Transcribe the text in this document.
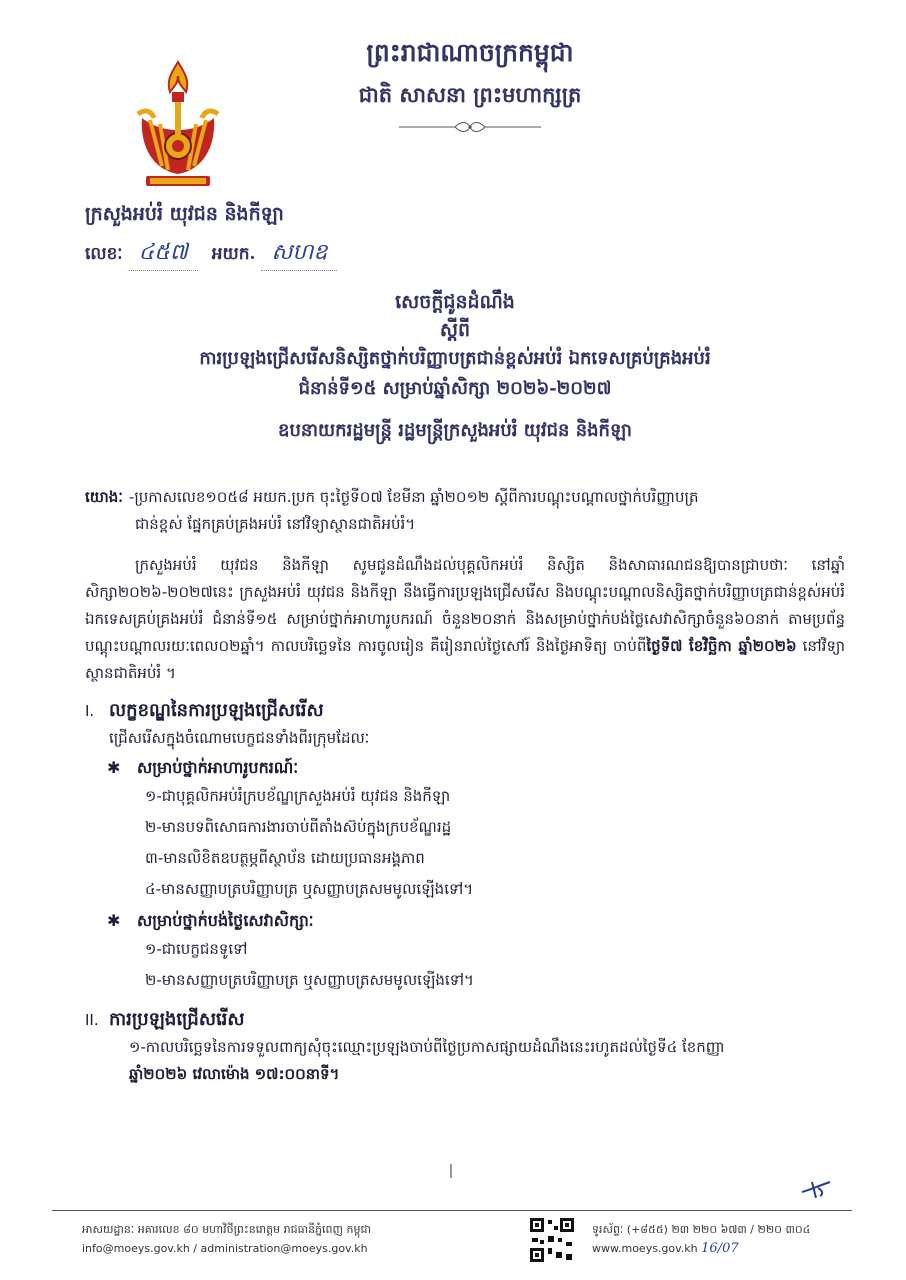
ព្រះរាជាណាចក្រកម្ពុជា
ជាតិ សាសនា ព្រះមហាក្សត្រ
ក្រសួងអប់រំ យុវជន និងកីឡា
លេខៈ ៤៥៧	អយក. សហឧ
សេចក្ដីជូនដំណឹង
ស្ដីពី
ការប្រឡងជ្រើសរើសនិស្សិតថ្នាក់បរិញ្ញាបត្រជាន់ខ្ពស់អប់រំ ឯកទេសគ្រប់គ្រងអប់រំ
ជំនាន់ទី១៥ សម្រាប់ឆ្នាំសិក្សា ២០២៦-២០២៧
ឧបនាយករដ្ឋមន្ត្រី រដ្ឋមន្ត្រីក្រសួងអប់រំ យុវជន និងកីឡា
យោងៈ -ប្រកាសលេខ១០៥៨ អយក.ប្រក ចុះថ្ងៃទី០៧ ខែមីនា ឆ្នាំ២០១២ ស្ដីពីការបណ្ដុះបណ្ដាលថ្នាក់បរិញ្ញាបត្រ
ជាន់ខ្ពស់ ផ្នែកគ្រប់គ្រងអប់រំ នៅវិទ្យាស្ថានជាតិអប់រំ។
ក្រសួងអប់រំ យុវជន និងកីឡា សូមជូនដំណឹងដល់បុគ្គលិកអប់រំ និស្សិត និងសាធារណជនឱ្យបានជ្រាបថាៈ នៅឆ្នាំសិក្សា២០២៦-២០២៧នេះ ក្រសួងអប់រំ យុវជន និងកីឡា នឹងធ្វើការប្រឡងជ្រើសរើស និងបណ្ដុះបណ្ដាលនិស្សិតថ្នាក់បរិញ្ញាបត្រជាន់ខ្ពស់អប់រំ ឯកទេសគ្រប់គ្រងអប់រំ ជំនាន់ទី១៥ សម្រាប់ថ្នាក់អាហារូបករណ៍ ចំនួន២០នាក់ និងសម្រាប់ថ្នាក់បង់ថ្លៃសេវាសិក្សាចំនួន៦០នាក់ តាមប្រព័ន្ធបណ្ដុះបណ្ដាលរយៈពេល០២ឆ្នាំ។ កាលបរិច្ឆេទនៃ ការចូលរៀន គឺរៀនរាល់ថ្ងៃសៅរ៍ និងថ្ងៃអាទិត្យ ចាប់ពីថ្ងៃទី៧ ខែវិច្ឆិកា ឆ្នាំ២០២៦ នៅវិទ្យាស្ថានជាតិអប់រំ ។
I. លក្ខខណ្ឌនៃការប្រឡងជ្រើសរើស
ជ្រើសរើសក្នុងចំណោមបេក្ខជនទាំងពីរក្រុមដែលៈ
✱	សម្រាប់ថ្នាក់អាហារូបករណ៍ៈ
១-ជាបុគ្គលិកអប់រំក្របខ័ណ្ឌក្រសួងអប់រំ យុវជន និងកីឡា
២-មានបទពិសោធការងារចាប់ពីតាំងស៊ប់ក្នុងក្របខ័ណ្ឌរដ្ឋ
៣-មានលិខិតឧបត្ថម្ភពីស្ថាប័ន ដោយប្រធានអង្គភាព
៤-មានសញ្ញាបត្របរិញ្ញាបត្រ ឬសញ្ញាបត្រសមមូលឡើងទៅ។
✱	សម្រាប់ថ្នាក់បង់ថ្លៃសេវាសិក្សាៈ
១-ជាបេក្ខជនទូទៅ
២-មានសញ្ញាបត្របរិញ្ញាបត្រ ឬសញ្ញាបត្រសមមូលឡើងទៅ។
II. ការប្រឡងជ្រើសរើស
១-កាលបរិច្ឆេទនៃការទទួលពាក្យសុំចុះឈ្មោះប្រឡងចាប់ពីថ្ងៃប្រកាសផ្សាយដំណឹងនេះរហូតដល់ថ្ងៃទី៤ ខែកញ្ញា
ឆ្នាំ២០២៦ វេលាម៉ោង ១៧:០០នាទី។
អាសយដ្ឋានៈ អគារលេខ ៨០ មហាវិថីព្រះនរោត្តម រាជធានីភ្នំពេញ កម្ពុជា
info@moeys.gov.kh / administration@moeys.gov.kh
ទូរស័ព្ទៈ (+៨៥៥) ២៣ ២២០ ៦៧៣ / ២២០ ៣០៤
www.moeys.gov.kh 16/07
